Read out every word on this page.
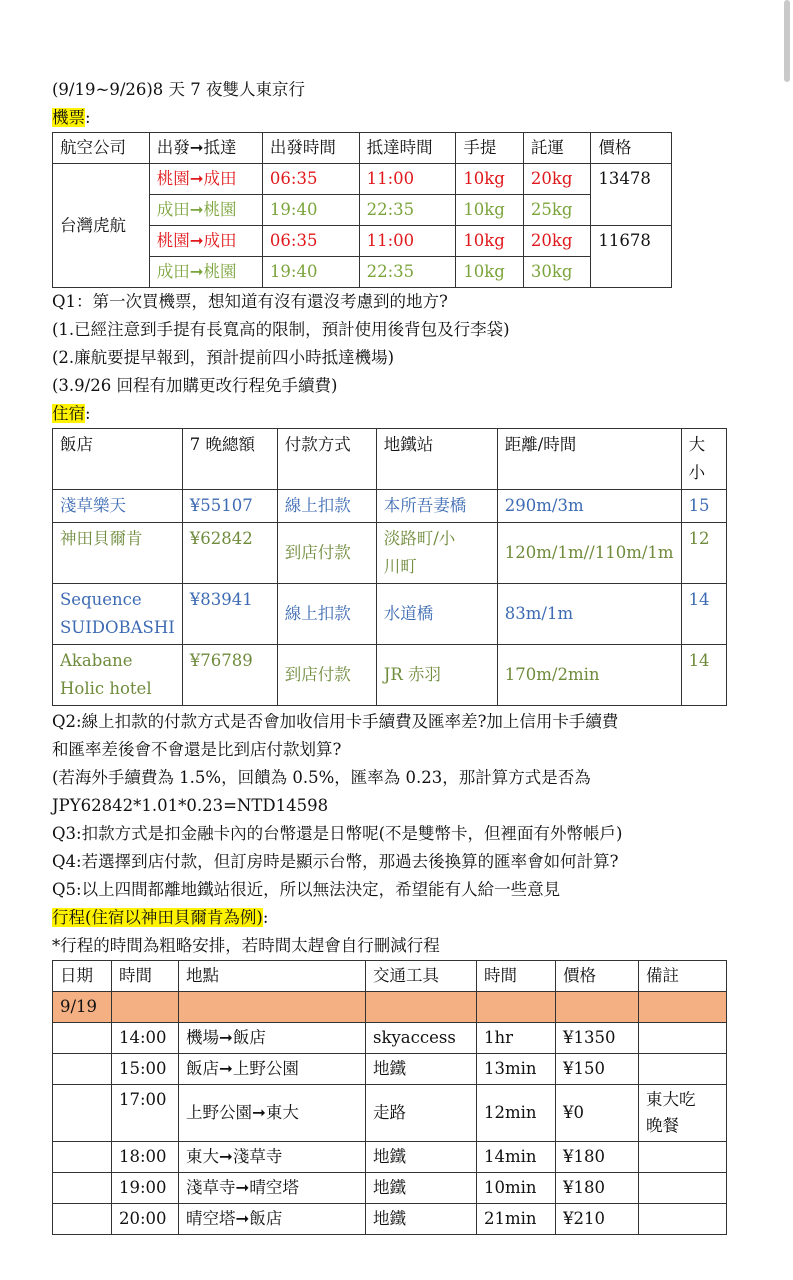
(9/19~9/26)8 天 7 夜雙人東京行
機票:
航空公司	出發➞抵達	出發時間	抵達時間	手提	託運	價格
台灣虎航	桃園➞成田	06:35	11:00	10kg	20kg	13478
	成田➞桃園	19:40	22:35	10kg	25kg	
	桃園➞成田	06:35	11:00	10kg	20kg	11678
	成田➞桃園	19:40	22:35	10kg	30kg	
Q1：第一次買機票，想知道有沒有還沒考慮到的地方?
(1.已經注意到手提有長寬高的限制，預計使用後背包及行李袋)
(2.廉航要提早報到，預計提前四小時抵達機場)
(3.9/26 回程有加購更改行程免手續費)
住宿:
飯店	7 晚總額	付款方式	地鐵站	距離/時間	大小
淺草樂天	¥55107	線上扣款	本所吾妻橋	290m/3m	15

神田貝爾肯	¥62842	到店付款	淡路町/小
川町	120m/1m//110m/1m	12

Sequence
SUIDOBASHI	¥83941	線上扣款	水道橋	83m/1m	14

Akabane
Holic hotel	¥76789	到店付款	JR 赤羽	170m/2min	14
Q2:線上扣款的付款方式是否會加收信用卡手續費及匯率差?加上信用卡手續費
和匯率差後會不會還是比到店付款划算?
(若海外手續費為 1.5%，回饋為 0.5%，匯率為 0.23，那計算方式是否為
JPY62842*1.01*0.23=NTD14598
Q3:扣款方式是扣金融卡內的台幣還是日幣呢(不是雙幣卡，但裡面有外幣帳戶)
Q4:若選擇到店付款，但訂房時是顯示台幣，那過去後換算的匯率會如何計算?
Q5:以上四間都離地鐵站很近，所以無法決定，希望能有人給一些意見
行程(住宿以神田貝爾肯為例):
*行程的時間為粗略安排，若時間太趕會自行刪減行程
日期	時間	地點	交通工具	時間	價格	備註
9/19						
	14:00	機場➞飯店	skyaccess	1hr	¥1350	
	15:00	飯店➞上野公園	地鐵	13min	¥150	
	17:00	上野公園➞東大	走路	12min	¥0	東大吃
晚餐

	18:00	東大➞淺草寺	地鐵	14min	¥180	
	19:00	淺草寺➞晴空塔	地鐵	10min	¥180	
	20:00	晴空塔➞飯店	地鐵	21min	¥210	
